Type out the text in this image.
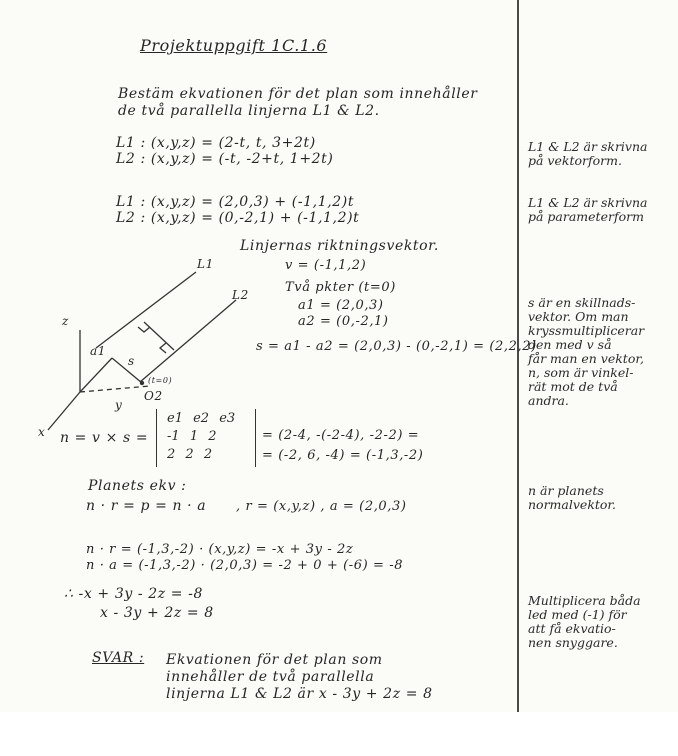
L1
L2
z
y
x
a1
s
O2
(t=0)
Projektuppgift 1C.1.6
Bestäm ekvationen för det plan som innehåller
de två parallella linjerna L1 & L2.
L1 : (x,y,z) = (2-t, t, 3+2t)
L2 : (x,y,z) = (-t, -2+t, 1+2t)
L1 : (x,y,z) = (2,0,3) + (-1,1,2)t
L2 : (x,y,z) = (0,-2,1) + (-1,1,2)t
Linjernas riktningsvektor.
v = (-1,1,2)
Två pkter (t=0)
a1 = (2,0,3)
a2 = (0,-2,1)
s = a1 - a2 = (2,0,3) - (0,-2,1) = (2,2,2)
n = v × s =
e1 e2 e3
-1 1 2
2 2 2
= (2-4, -(-2-4), -2-2) =
= (-2, 6, -4) = (-1,3,-2)
Planets ekv :
n · r = p = n · a , r = (x,y,z) , a = (2,0,3)
n · r = (-1,3,-2) · (x,y,z) = -x + 3y - 2z
n · a = (-1,3,-2) · (2,0,3) = -2 + 0 + (-6) = -8
∴ -x + 3y - 2z = -8
x - 3y + 2z = 8
SVAR : Ekvationen för det plan som
innehåller de två parallella
linjerna L1 & L2 är x - 3y + 2z = 8
L1 & L2 är skrivna
på vektorform.
L1 & L2 är skrivna
på parameterform
s är en skillnads-
vektor. Om man
kryssmultiplicerar
den med v så
får man en vektor,
n, som är vinkel-
rät mot de två
andra.
n är planets
normalvektor.
Multiplicera båda
led med (-1) för
att få ekvatio-
nen snyggare.
